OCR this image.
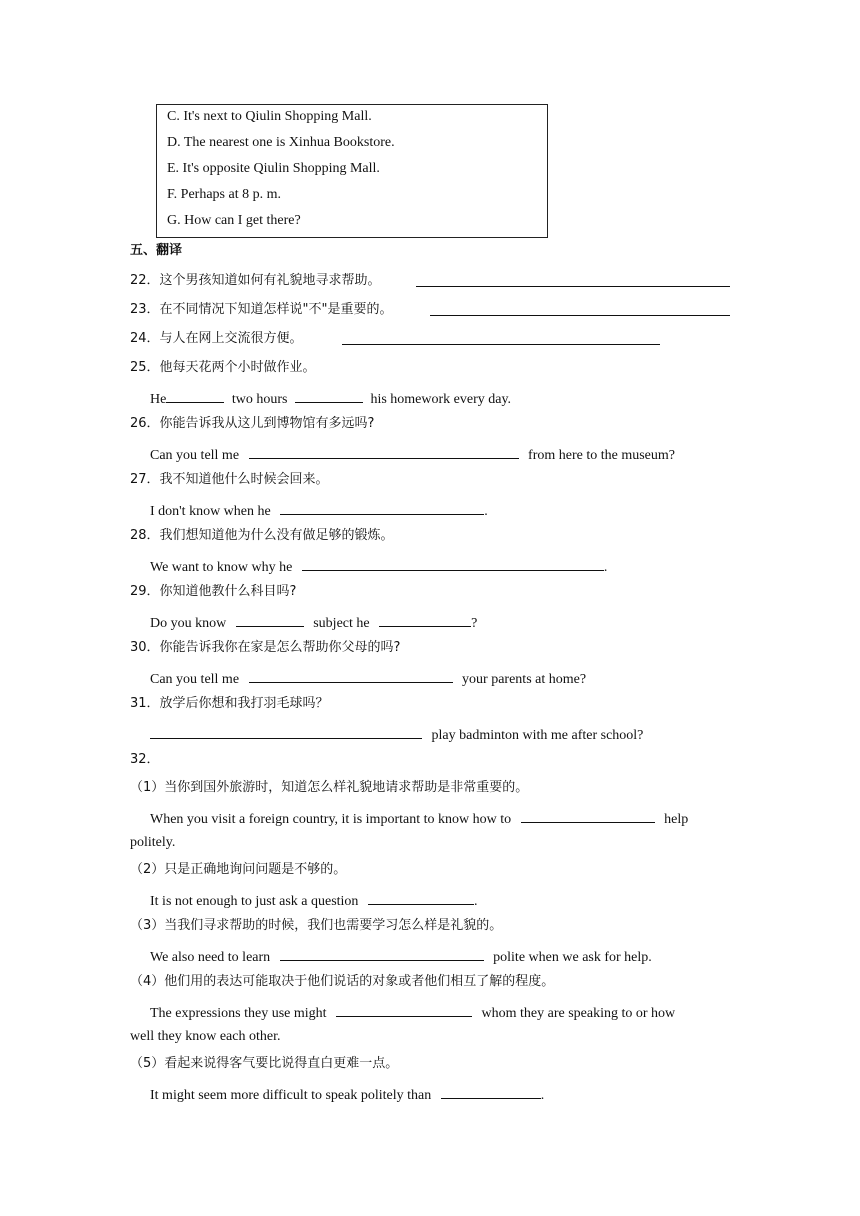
C. It's next to Qiulin Shopping Mall.
D. The nearest one is Xinhua Bookstore.
E. It's opposite Qiulin Shopping Mall.
F. Perhaps at 8 p. m.
G. How can I get there?
五、翻译
22．这个男孩知道如何有礼貌地寻求帮助。
23．在不同情况下知道怎样说"不"是重要的。
24．与人在网上交流很方便。
25．他每天花两个小时做作业。
He	two hours	his homework every day.
26．你能告诉我从这儿到博物馆有多远吗?
Can you tell me	from here to the museum?
27．我不知道他什么时候会回来。
I don't know when he	.
28．我们想知道他为什么没有做足够的锻炼。
We want to know why he	.
29．你知道他教什么科目吗?
Do you know	subject he	?
30．你能告诉我你在家是怎么帮助你父母的吗?
Can you tell me	your parents at home?
31．放学后你想和我打羽毛球吗？
play badminton with me after school?
32．
（1）当你到国外旅游时，知道怎么样礼貌地请求帮助是非常重要的。
When you visit a foreign country, it is important to know how to	help
politely.
（2）只是正确地询问问题是不够的。
It is not enough to just ask a question	.
（3）当我们寻求帮助的时候，我们也需要学习怎么样是礼貌的。
We also need to learn	polite when we ask for help.
（4）他们用的表达可能取决于他们说话的对象或者他们相互了解的程度。
The expressions they use might	whom they are speaking to or how
well they know each other.
（5）看起来说得客气要比说得直白更难一点。
It might seem more difficult to speak politely than	.
